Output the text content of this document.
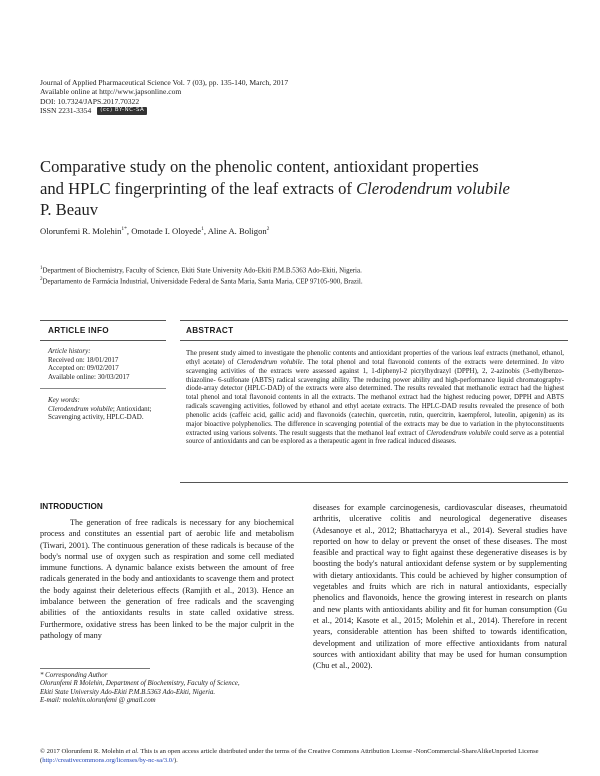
Journal of Applied Pharmaceutical Science Vol. 7 (03), pp. 135-140, March, 2017
Available online at http://www.japsonline.com
DOI: 10.7324/JAPS.2017.70322
ISSN 2231-3354	(cc) BY-NC-SA
Comparative study on the phenolic content, antioxidant properties
and HPLC fingerprinting of the leaf extracts of Clerodendrum volubile
P. Beauv
Olorunfemi R. Molehin$^{1*}$, Omotade I. Oloyede$^1$, Aline A. Boligon$^2$
$^1$Department of Biochemistry, Faculty of Science, Ekiti State University Ado-Ekiti P.M.B.5363 Ado-Ekiti, Nigeria.
$^2$Departamento de Farmácia Industrial, Universidade Federal de Santa Maria, Santa Maria, CEP 97105-900, Brazil.
ARTICLE INFO	ABSTRACT
Article history:
Received on: 18/01/2017
Accepted on: 09/02/2017
Available online: 30/03/2017
Key words:
Clerodendrum volubile; Antioxidant; Scavenging activity, HPLC-DAD.
The present study aimed to investigate the phenolic contents and antioxidant properties of the various leaf extracts (methanol, ethanol, ethyl acetate) of Clerodendrum volubile. The total phenol and total flavonoid contents of the extracts were determined. In vitro scavenging activities of the extracts were assessed against 1, 1-diphenyl-2 picrylhydrazyl (DPPH), 2, 2-azinobis (3-ethylbenzo-thiazoline- 6-sulfonate (ABTS) radical scavenging ability. The reducing power ability and high-performance liquid chromatography-diode-array detector (HPLC-DAD) of the extracts were also determined. The results revealed that methanolic extract had the highest total phenol and total flavonoid contents in all the extracts. The methanol extract had the highest reducing power, DPPH and ABTS radicals scavenging activities, followed by ethanol and ethyl acetate extracts. The HPLC-DAD results revealed the presence of both phenolic acids (caffeic acid, gallic acid) and flavonoids (catechin, quercetin, rutin, quercitrin, kaempferol, luteolin, apigenin) as its major bioactive polyphenolics. The difference in scavenging potential of the extracts may be due to variation in the phytoconstituents extracted using various solvents. The result suggests that the methanol leaf extract of Clerodendrum volubile could serve as a potential source of antioxidants and can be explored as a therapeutic agent in free radical induced diseases.
INTRODUCTION
The generation of free radicals is necessary for any biochemical process and constitutes an essential part of aerobic life and metabolism (Tiwari, 2001). The continuous generation of these radicals is because of the body's normal use of oxygen such as respiration and some cell mediated immune functions. A dynamic balance exists between the amount of free radicals generated in the body and antioxidants to scavenge them and protect the body against their deleterious effects (Ramjith et al., 2013). Hence an imbalance between the generation of free radicals and the scavenging abilities of the antioxidants results in state called oxidative stress. Furthermore, oxidative stress has been linked to be the major culprit in the pathology of many
diseases for example carcinogenesis, cardiovascular diseases, rheumatoid arthritis, ulcerative colitis and neurological degenerative diseases (Adesanoye et al., 2012; Bhattacharyya et al., 2014). Several studies have reported on how to delay or prevent the onset of these diseases. The most feasible and practical way to fight against these degenerative diseases is by boosting the body's natural antioxidant defense system or by supplementing with dietary antioxidants. This could be achieved by higher consumption of vegetables and fruits which are rich in natural antioxidants, especially phenolics and flavonoids, hence the growing interest in research on plants and new plants with antioxidants ability and fit for human consumption (Gu et al., 2014; Kasote et al., 2015; Molehin et al., 2014). Therefore in recent years, considerable attention has been shifted to towards identification, development and utilization of more effective antioxidants from natural sources with antioxidant ability that may be used for human consumption (Chu et al., 2002).
* Corresponding Author
Olorunfemi R Molehin, Department of Biochemistry, Faculty of Science,
Ekiti State University Ado-Ekiti P.M.B.5363 Ado-Ekiti, Nigeria.
E-mail: molehin.olorunfemi @ gmail.com
© 2017 Olorunfemi R. Molehin et al. This is an open access article distributed under the terms of the Creative Commons Attribution License -NonCommercial-ShareAlikeUnported License (http://creativecommons.org/licenses/by-nc-sa/3.0/).
